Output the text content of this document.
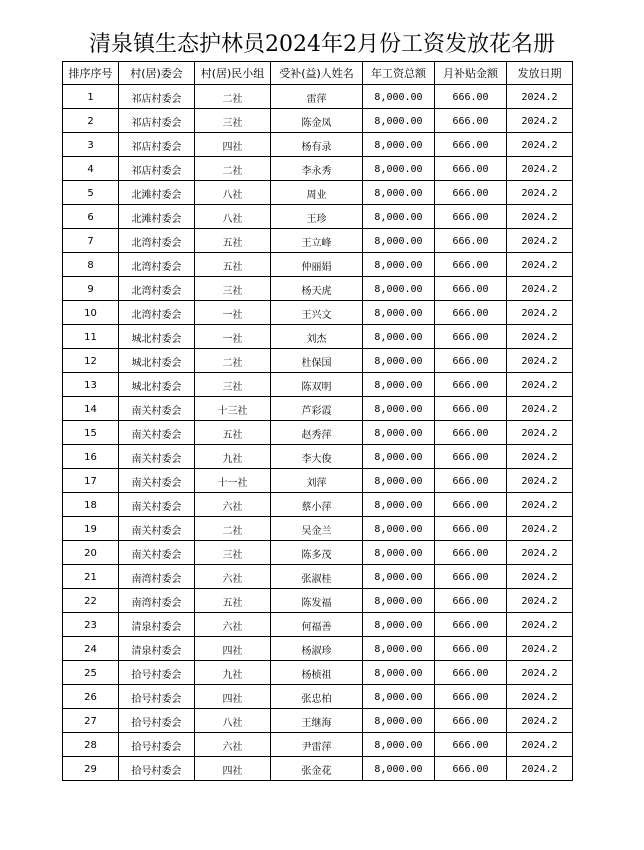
清泉镇生态护林员2024年2月份工资发放花名册
排序序号	村(居)委会	村(居)民小组	受补(益)人姓名	年工资总额	月补贴金额	发放日期
1	祁店村委会	二社	雷萍	8,000.00	666.00	2024.2
2	祁店村委会	三社	陈金凤	8,000.00	666.00	2024.2
3	祁店村委会	四社	杨有录	8,000.00	666.00	2024.2
4	祁店村委会	二社	李永秀	8,000.00	666.00	2024.2
5	北滩村委会	八社	周业	8,000.00	666.00	2024.2
6	北滩村委会	八社	王珍	8,000.00	666.00	2024.2
7	北湾村委会	五社	王立峰	8,000.00	666.00	2024.2
8	北湾村委会	五社	仲丽娟	8,000.00	666.00	2024.2
9	北湾村委会	三社	杨天虎	8,000.00	666.00	2024.2
10	北湾村委会	一社	王兴文	8,000.00	666.00	2024.2
11	城北村委会	一社	刘杰	8,000.00	666.00	2024.2
12	城北村委会	二社	杜保国	8,000.00	666.00	2024.2
13	城北村委会	三社	陈双明	8,000.00	666.00	2024.2
14	南关村委会	十三社	芦彩霞	8,000.00	666.00	2024.2
15	南关村委会	五社	赵秀萍	8,000.00	666.00	2024.2
16	南关村委会	九社	李大俊	8,000.00	666.00	2024.2
17	南关村委会	十一社	刘萍	8,000.00	666.00	2024.2
18	南关村委会	六社	蔡小萍	8,000.00	666.00	2024.2
19	南关村委会	二社	吴金兰	8,000.00	666.00	2024.2
20	南关村委会	三社	陈多茂	8,000.00	666.00	2024.2
21	南湾村委会	六社	张淑桂	8,000.00	666.00	2024.2
22	南湾村委会	五社	陈发福	8,000.00	666.00	2024.2
23	清泉村委会	六社	何福善	8,000.00	666.00	2024.2
24	清泉村委会	四社	杨淑珍	8,000.00	666.00	2024.2
25	拾号村委会	九社	杨桢祖	8,000.00	666.00	2024.2
26	拾号村委会	四社	张忠柏	8,000.00	666.00	2024.2
27	拾号村委会	八社	王继海	8,000.00	666.00	2024.2
28	拾号村委会	六社	尹雷萍	8,000.00	666.00	2024.2
29	拾号村委会	四社	张金花	8,000.00	666.00	2024.2
